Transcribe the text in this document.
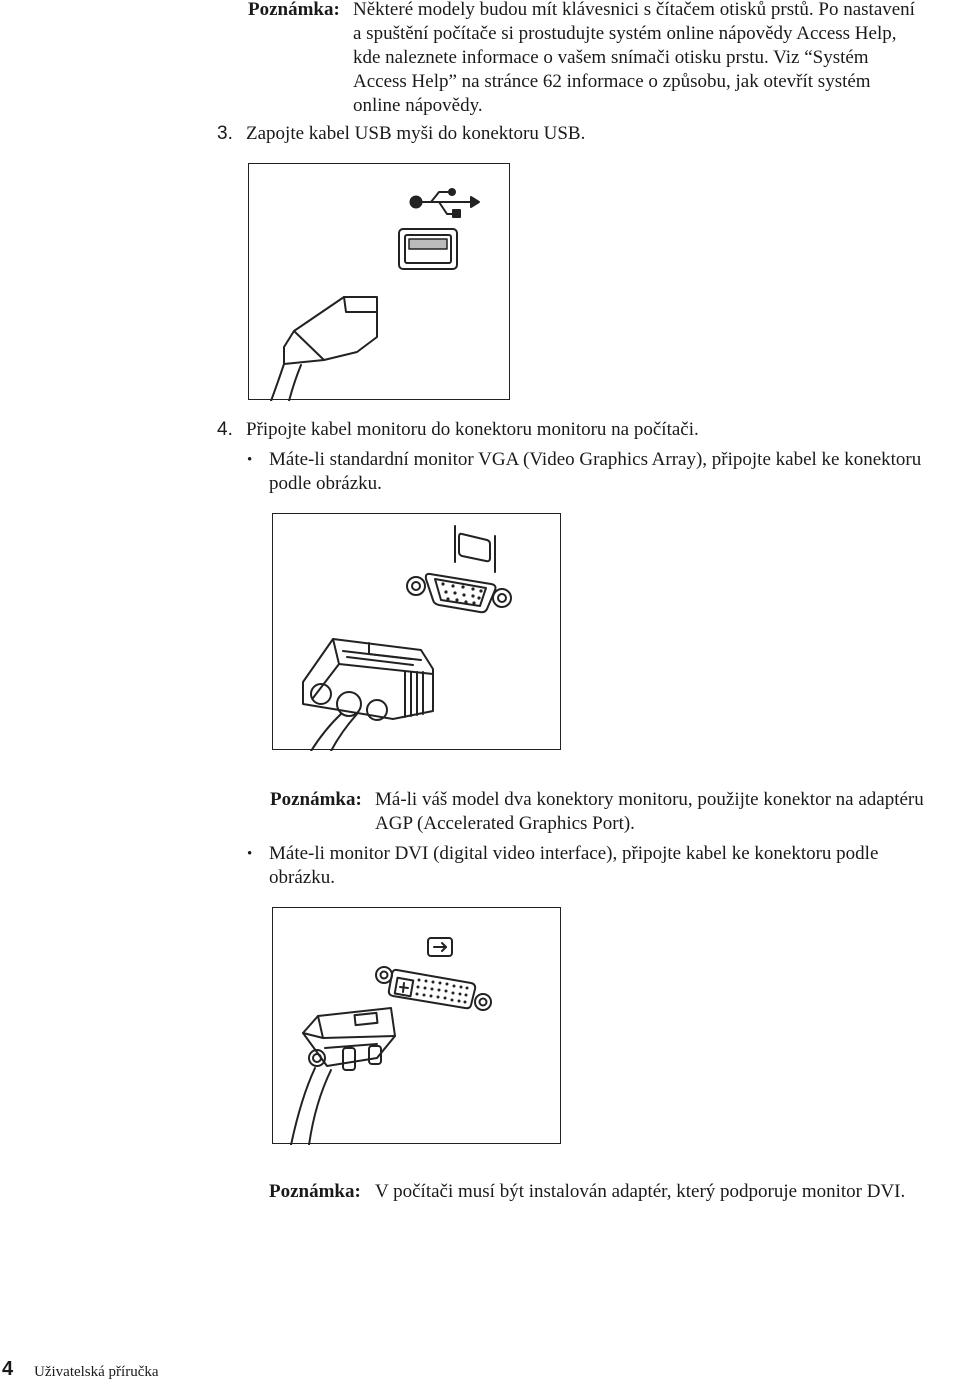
Poznámka: Některé modely budou mít klávesnici s čítačem otisků prstů. Po nastavení
a spuštění počítače si prostudujte systém online nápovědy Access Help,
kde naleznete informace o vašem snímači otisku prstu. Viz “Systém
Access Help” na stránce 62 informace o způsobu, jak otevřít systém
online nápovědy.
3. Zapojte kabel USB myši do konektoru USB.
4. Připojte kabel monitoru do konektoru monitoru na počítači.
• Máte-li standardní monitor VGA (Video Graphics Array), připojte kabel ke konektoru
podle obrázku.
Poznámka: Má-li váš model dva konektory monitoru, použijte konektor na adaptéru
AGP (Accelerated Graphics Port).
• Máte-li monitor DVI (digital video interface), připojte kabel ke konektoru podle
obrázku.
Poznámka: V počítači musí být instalován adaptér, který podporuje monitor DVI.
4 Uživatelská příručka
